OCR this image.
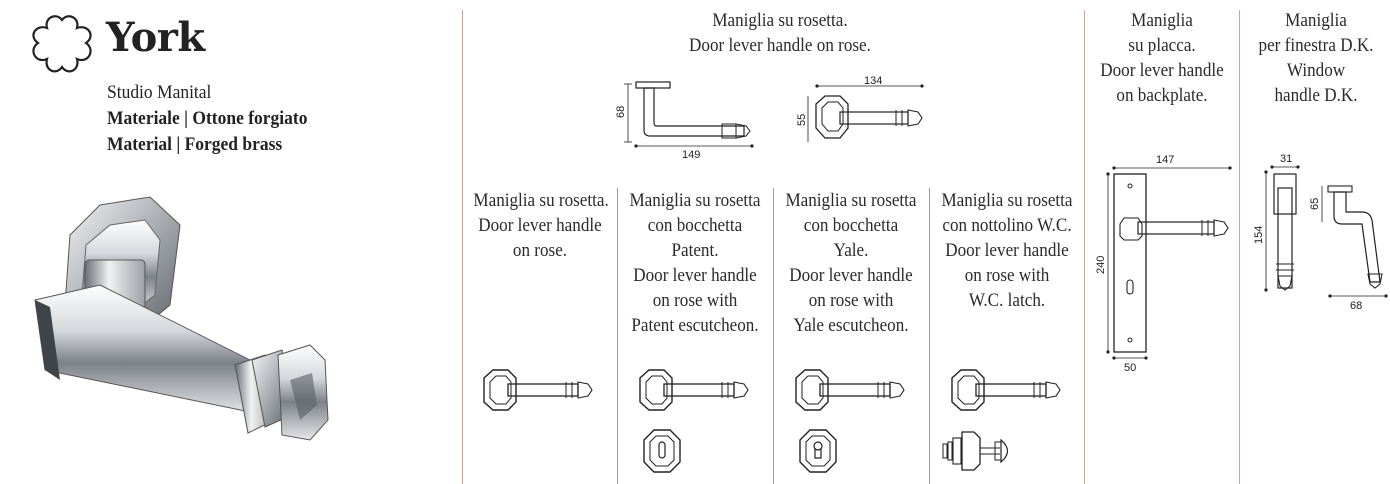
York
Studio Manital
Materiale | Ottone forgiato
Material | Forged brass
Maniglia su rosetta.
Door lever handle on rose.
68
149
134
55
Maniglia su rosetta.
Door lever handle
on rose.
Maniglia su rosetta
con bocchetta
Patent.
Door lever handle
on rose with
Patent escutcheon.
Maniglia su rosetta
con bocchetta
Yale.
Door lever handle
on rose with
Yale escutcheon.
Maniglia su rosetta
con nottolino W.C.
Door lever handle
on rose with
W.C. latch.
Maniglia
su placca.
Door lever handle
on backplate.
147
240
50
Maniglia
per finestra D.K.
Window
handle D.K.
31
154
65
68
